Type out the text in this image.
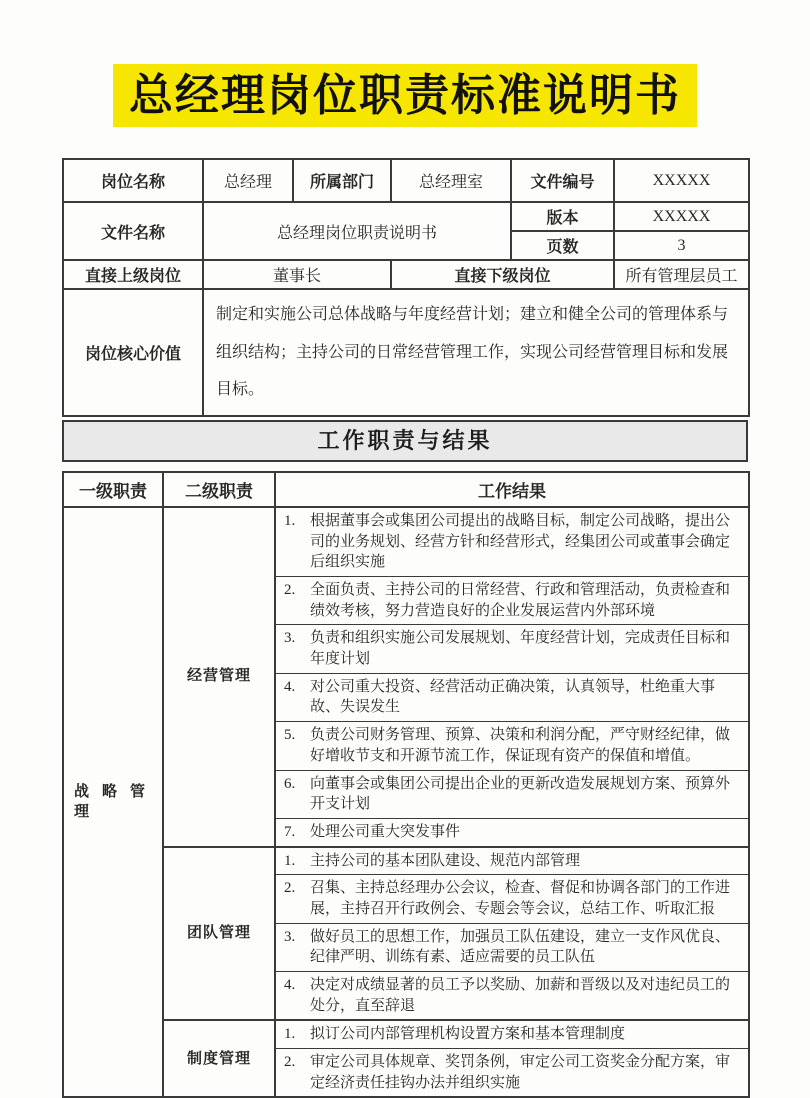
总经理岗位职责标准说明书
岗位名称	总经理	所属部门	总经理室	文件编号	XXXXX
文件名称	总经理岗位职责说明书			版本	XXXXX
				页数	3
直接上级岗位	董事长		直接下级岗位		所有管理层员工
岗位核心价值	制定和实施公司总体战略与年度经营计划；建立和健全公司的管理体系与组织结构；主持公司的日常经营管理工作，实现公司经营管理目标和发展目标。				
工作职责与结果
一级职责	二级职责	工作结果
战略管理	经营管理	1. 根据董事会或集团公司提出的战略目标，制定公司战略，提出公司的业务规划、经营方针和经营形式，经集团公司或董事会确定后组织实施

		2. 全面负责、主持公司的日常经营、行政和管理活动，负责检查和绩效考核，努力营造良好的企业发展运营内外部环境

		3. 负责和组织实施公司发展规划、年度经营计划，完成责任目标和年度计划

		4. 对公司重大投资、经营活动正确决策，认真领导，杜绝重大事故、失误发生

		5. 负责公司财务管理、预算、决策和利润分配，严守财经纪律，做好增收节支和开源节流工作，保证现有资产的保值和增值。

		6. 向董事会或集团公司提出企业的更新改造发展规划方案、预算外开支计划

		7. 处理公司重大突发事件

	团队管理	1. 主持公司的基本团队建设、规范内部管理

		2. 召集、主持总经理办公会议，检查、督促和协调各部门的工作进展，主持召开行政例会、专题会等会议，总结工作、听取汇报

		3. 做好员工的思想工作，加强员工队伍建设，建立一支作风优良、纪律严明、训练有素、适应需要的员工队伍

		4. 决定对成绩显著的员工予以奖励、加薪和晋级以及对违纪员工的处分，直至辞退

	制度管理	1. 拟订公司内部管理机构设置方案和基本管理制度

		2. 审定公司具体规章、奖罚条例，审定公司工资奖金分配方案，审定经济责任挂钩办法并组织实施
